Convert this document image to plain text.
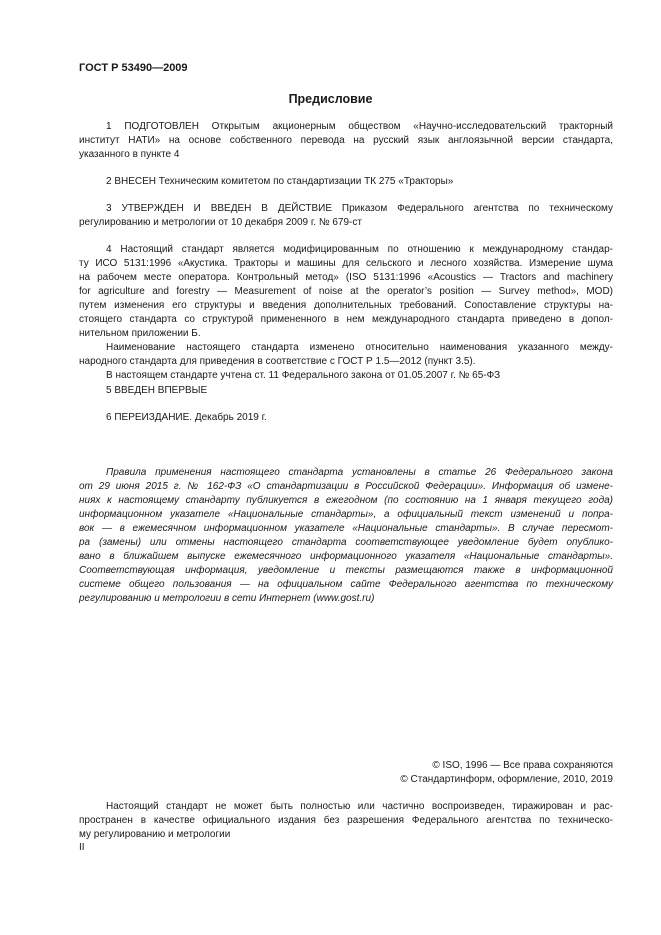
ГОСТ Р 53490—2009
Предисловие
1 ПОДГОТОВЛЕН Открытым акционерным обществом «Научно-исследовательский тракторный
институт НАТИ» на основе собственного перевода на русский язык англоязычной версии стандарта,
указанного в пункте 4
2 ВНЕСЕН Техническим комитетом по стандартизации ТК 275 «Тракторы»
3 УТВЕРЖДЕН И ВВЕДЕН В ДЕЙСТВИЕ Приказом Федерального агентства по техническому
регулированию и метрологии от 10 декабря 2009 г. № 679-ст
4 Настоящий стандарт является модифицированным по отношению к международному стандар-
ту ИСО 5131:1996 «Акустика. Тракторы и машины для сельского и лесного хозяйства. Измерение шума
на рабочем месте оператора. Контрольный метод» (ISO 5131:1996 «Acoustics — Tractors and machinery
for agriculture and forestry — Measurement of noise at the operator’s position — Survey method», MOD)
путем изменения его структуры и введения дополнительных требований. Сопоставление структуры на-
стоящего стандарта со структурой примененного в нем международного стандарта приведено в допол-
нительном приложении Б.
Наименование настоящего стандарта изменено относительно наименования указанного между-
народного стандарта для приведения в соответствие с ГОСТ Р 1.5—2012 (пункт 3.5).
В настоящем стандарте учтена ст. 11 Федерального закона от 01.05.2007 г. № 65-ФЗ
5 ВВЕДЕН ВПЕРВЫЕ
6 ПЕРЕИЗДАНИЕ. Декабрь 2019 г.
Правила применения настоящего стандарта установлены в статье 26 Федерального закона
от 29 июня 2015 г. № 162-ФЗ «О стандартизации в Российской Федерации». Информация об измене-
ниях к настоящему стандарту публикуется в ежегодном (по состоянию на 1 января текущего года)
информационном указателе «Национальные стандарты», а официальный текст изменений и попра-
вок — в ежемесячном информационном указателе «Национальные стандарты». В случае пересмот-
ра (замены) или отмены настоящего стандарта соответствующее уведомление будет опублико-
вано в ближайшем выпуске ежемесячного информационного указателя «Национальные стандарты».
Соответствующая информация, уведомление и тексты размещаются также в информационной
системе общего пользования — на официальном сайте Федерального агентства по техническому
регулированию и метрологии в сети Интернет (www.gost.ru)
© ISO, 1996 — Все права сохраняются
© Стандартинформ, оформление, 2010, 2019
Настоящий стандарт не может быть полностью или частично воспроизведен, тиражирован и рас-
пространен в качестве официального издания без разрешения Федерального агентства по техническо-
му регулированию и метрологии
II
